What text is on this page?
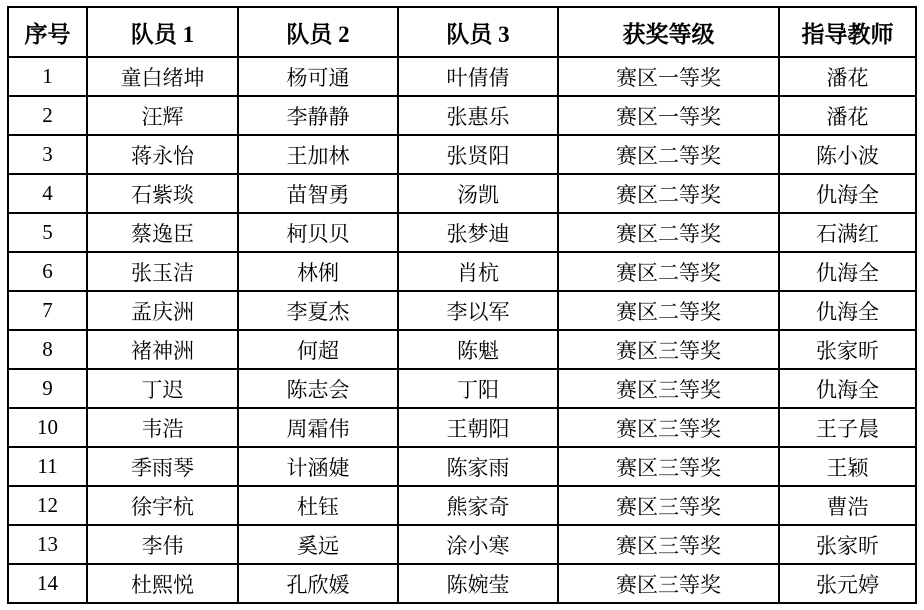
序号	队员 1	队员 2	队员 3	获奖等级	指导教师
1	童白绪坤	杨可通	叶倩倩	赛区一等奖	潘花
2	汪辉	李静静	张惠乐	赛区一等奖	潘花
3	蒋永怡	王加林	张贤阳	赛区二等奖	陈小波
4	石紫琰	苗智勇	汤凯	赛区二等奖	仇海全
5	蔡逸臣	柯贝贝	张梦迪	赛区二等奖	石满红
6	张玉洁	林俐	肖杭	赛区二等奖	仇海全
7	孟庆洲	李夏杰	李以军	赛区二等奖	仇海全
8	褚神洲	何超	陈魁	赛区三等奖	张家昕
9	丁迟	陈志会	丁阳	赛区三等奖	仇海全
10	韦浩	周霜伟	王朝阳	赛区三等奖	王子晨
11	季雨琴	计涵婕	陈家雨	赛区三等奖	王颖
12	徐宇杭	杜钰	熊家奇	赛区三等奖	曹浩
13	李伟	奚远	涂小寒	赛区三等奖	张家昕
14	杜熙悦	孔欣媛	陈婉莹	赛区三等奖	张元婷
